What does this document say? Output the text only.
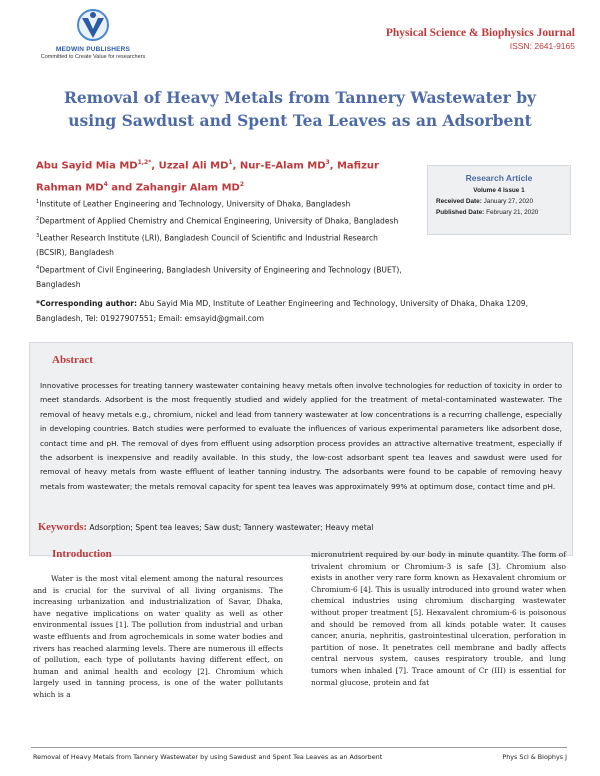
MEDWIN PUBLISHERS
Committed to Create Value for researchers
Physical Science & Biophysics Journal
ISSN: 2641-9165
Removal of Heavy Metals from Tannery Wastewater by using Sawdust and Spent Tea Leaves as an Adsorbent
Abu Sayid Mia $MD^{1,2*}$, Uzzal Ali $MD^1$, Nur-E-Alam $MD^3$, Mafizur Rahman $MD^4$ and Zahangir Alam $MD^2$
$^1$Institute of Leather Engineering and Technology, University of Dhaka, Bangladesh
$^2$Department of Applied Chemistry and Chemical Engineering, University of Dhaka, Bangladesh
$^3$Leather Research Institute (LRI), Bangladesh Council of Scientific and Industrial Research (BCSIR), Bangladesh
$^4$Department of Civil Engineering, Bangladesh University of Engineering and Technology (BUET), Bangladesh
Research Article
Volume 4 Issue 1
Received Date: January 27, 2020
Published Date: February 21, 2020
*Corresponding author: Abu Sayid Mia MD, Institute of Leather Engineering and Technology, University of Dhaka, Dhaka 1209, Bangladesh, Tel: 01927907551; Email: emsayid@gmail.com
Abstract
Innovative processes for treating tannery wastewater containing heavy metals often involve technologies for reduction of toxicity in order to meet standards. Adsorbent is the most frequently studied and widely applied for the treatment of metal-contaminated wastewater. The removal of heavy metals e.g., chromium, nickel and lead from tannery wastewater at low concentrations is a recurring challenge, especially in developing countries. Batch studies were performed to evaluate the influences of various experimental parameters like adsorbent dose, contact time and pH. The removal of dyes from effluent using adsorption process provides an attractive alternative treatment, especially if the adsorbent is inexpensive and readily available. In this study, the low-cost adsorbant spent tea leaves and sawdust were used for removal of heavy metals from waste effluent of leather tanning industry. The adsorbants were found to be capable of removing heavy metals from wastewater; the metals removal capacity for spent tea leaves was approximately 99% at optimum dose, contact time and pH.
Keywords: Adsorption; Spent tea leaves; Saw dust; Tannery wastewater; Heavy metal
Introduction
Water is the most vital element among the natural resources and is crucial for the survival of all living organisms. The increasing urbanization and industrialization of Savar, Dhaka, have negative implications on water quality as well as other environmental issues [1]. The pollution from industrial and urban waste effluents and from agrochemicals in some water bodies and rivers has reached alarming levels. There are numerous ill effects of pollution, each type of pollutants having different effect, on human and animal health and ecology [2]. Chromium which largely used in tanning process, is one of the water pollutants which is a
micronutrient required by our body in minute quantity. The form of trivalent chromium or Chromium-3 is safe [3]. Chromium also exists in another very rare form known as Hexavalent chromium or Chromium-6 [4]. This is usually introduced into ground water when chemical industries using chromium discharging wastewater without proper treatment [5]. Hexavalent chromium-6 is poisonous and should be removed from all kinds potable water. It causes cancer, anuria, nephritis, gastrointestinal ulceration, perforation in partition of nose. It penetrates cell membrane and badly affects central nervous system, causes respiratory trouble, and lung tumors when inhaled [7]. Trace amount of Cr (III) is essential for normal glucose, protein and fat
Removal of Heavy Metals from Tannery Wastewater by using Sawdust and Spent Tea Leaves as an Adsorbent	Phys Sci & Biophys J
